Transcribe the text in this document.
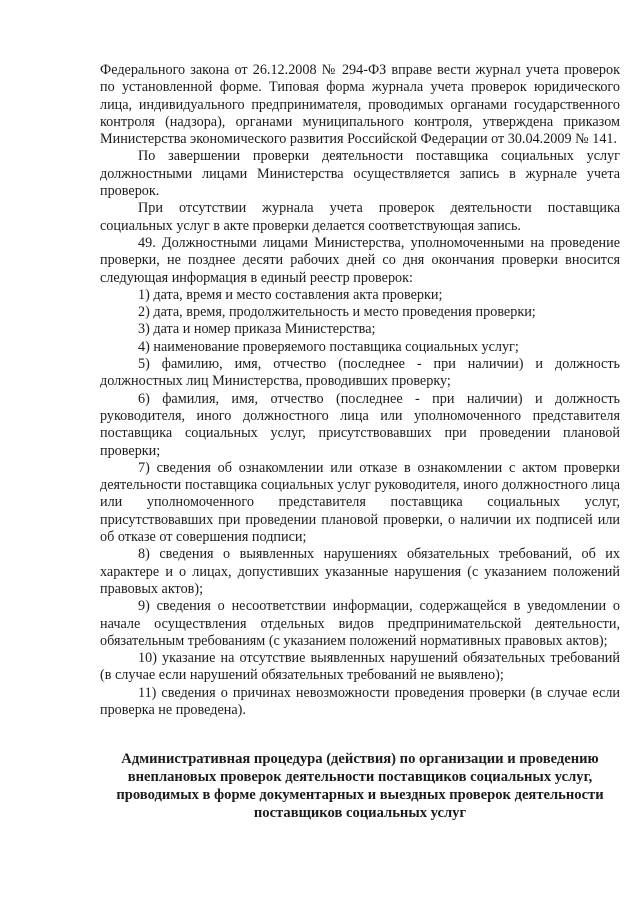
Федерального закона от 26.12.2008 № 294-ФЗ вправе вести журнал учета проверок по установленной форме. Типовая форма журнала учета проверок юридического лица, индивидуального предпринимателя, проводимых органами государственного контроля (надзора), органами муниципального контроля, утверждена приказом Министерства экономического развития Российской Федерации от 30.04.2009 № 141.

По завершении проверки деятельности поставщика социальных услуг должностными лицами Министерства осуществляется запись в журнале учета проверок.

При отсутствии журнала учета проверок деятельности поставщика социальных услуг в акте проверки делается соответствующая запись.

49. Должностными лицами Министерства, уполномоченными на проведение проверки, не позднее десяти рабочих дней со дня окончания проверки вносится следующая информация в единый реестр проверок:

1) дата, время и место составления акта проверки;

2) дата, время, продолжительность и место проведения проверки;

3) дата и номер приказа Министерства;

4) наименование проверяемого поставщика социальных услуг;

5) фамилию, имя, отчество (последнее - при наличии) и должность должностных лиц Министерства, проводивших проверку;

6) фамилия, имя, отчество (последнее - при наличии) и должность руководителя, иного должностного лица или уполномоченного представителя поставщика социальных услуг, присутствовавших при проведении плановой проверки;

7) сведения об ознакомлении или отказе в ознакомлении с актом проверки деятельности поставщика социальных услуг руководителя, иного должностного лица или уполномоченного представителя поставщика социальных услуг, присутствовавших при проведении плановой проверки, о наличии их подписей или об отказе от совершения подписи;

8) сведения о выявленных нарушениях обязательных требований, об их характере и о лицах, допустивших указанные нарушения (с указанием положений правовых актов);

9) сведения о несоответствии информации, содержащейся в уведомлении о начале осуществления отдельных видов предпринимательской деятельности, обязательным требованиям (с указанием положений нормативных правовых актов);

10) указание на отсутствие выявленных нарушений обязательных требований (в случае если нарушений обязательных требований не выявлено);

11) сведения о причинах невозможности проведения проверки (в случае если проверка не проведена).

Административная процедура (действия) по организации и проведению внеплановых проверок деятельности поставщиков социальных услуг, проводимых в форме документарных и выездных проверок деятельности поставщиков социальных услуг
